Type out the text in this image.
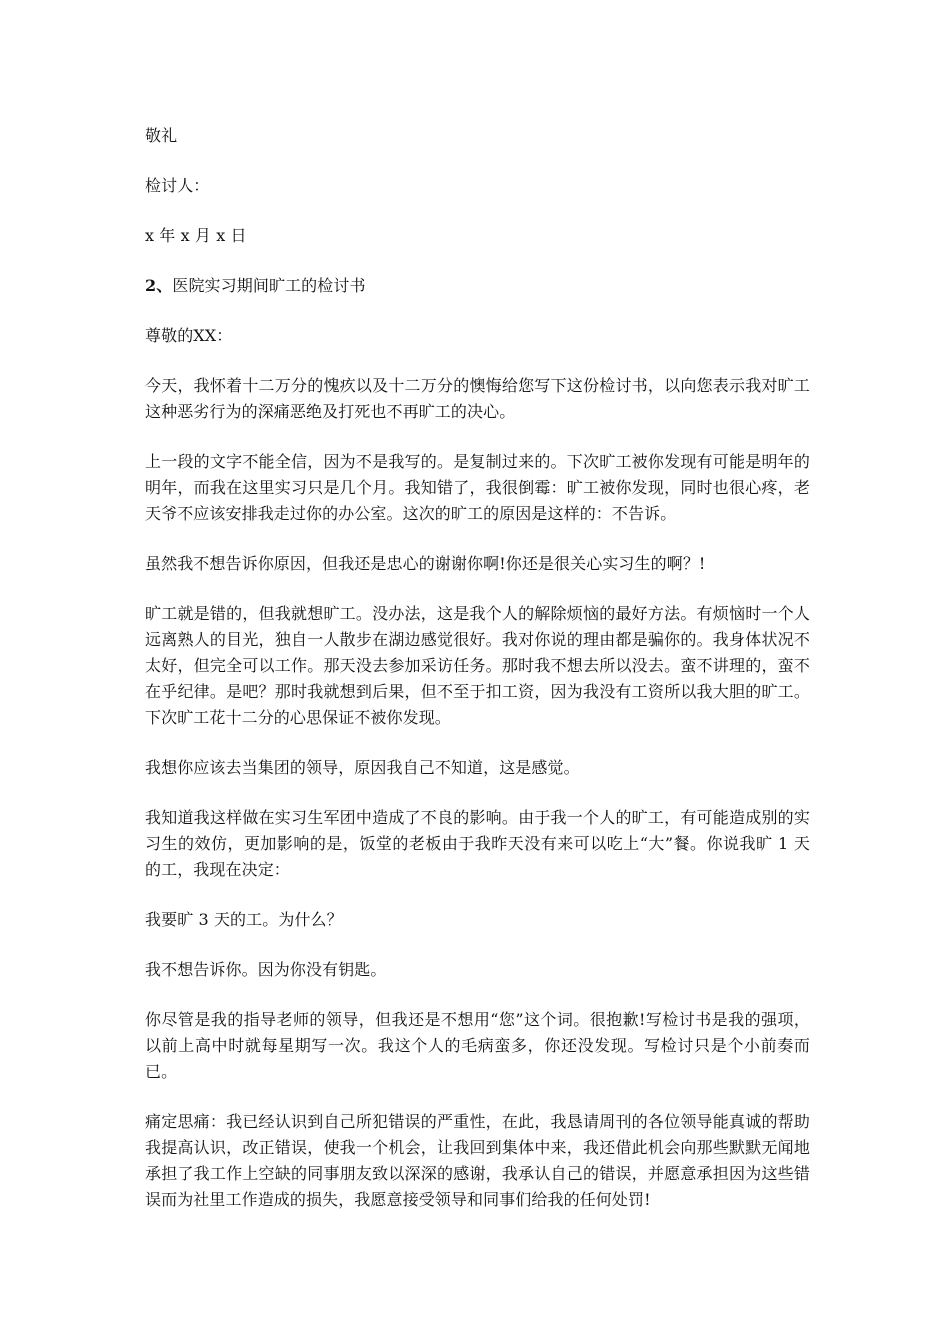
敬礼

检讨人：

x 年 x 月 x 日

2、医院实习期间旷工的检讨书

尊敬的XX：

今天，我怀着十二万分的愧疚以及十二万分的懊悔给您写下这份检讨书，以向您表示我对旷工这种恶劣行为的深痛恶绝及打死也不再旷工的决心。

上一段的文字不能全信，因为不是我写的。是复制过来的。下次旷工被你发现有可能是明年的明年，而我在这里实习只是几个月。我知错了，我很倒霉：旷工被你发现，同时也很心疼，老天爷不应该安排我走过你的办公室。这次的旷工的原因是这样的：不告诉。

虽然我不想告诉你原因，但我还是忠心的谢谢你啊!你还是很关心实习生的啊？!

旷工就是错的，但我就想旷工。没办法，这是我个人的解除烦恼的最好方法。有烦恼时一个人远离熟人的目光，独自一人散步在湖边感觉很好。我对你说的理由都是骗你的。我身体状况不太好，但完全可以工作。那天没去参加采访任务。那时我不想去所以没去。蛮不讲理的，蛮不在乎纪律。是吧？那时我就想到后果，但不至于扣工资，因为我没有工资所以我大胆的旷工。下次旷工花十二分的心思保证不被你发现。

我想你应该去当集团的领导，原因我自己不知道，这是感觉。

我知道我这样做在实习生军团中造成了不良的影响。由于我一个人的旷工，有可能造成别的实习生的效仿，更加影响的是，饭堂的老板由于我昨天没有来可以吃上“大”餐。你说我旷 1 天的工，我现在决定：

我要旷 3 天的工。为什么？

我不想告诉你。因为你没有钥匙。

你尽管是我的指导老师的领导，但我还是不想用“您”这个词。很抱歉!写检讨书是我的强项，以前上高中时就每星期写一次。我这个人的毛病蛮多，你还没发现。写检讨只是个小前奏而已。

痛定思痛：我已经认识到自己所犯错误的严重性，在此，我恳请周刊的各位领导能真诚的帮助我提高认识，改正错误，使我一个机会，让我回到集体中来，我还借此机会向那些默默无闻地承担了我工作上空缺的同事朋友致以深深的感谢，我承认自己的错误，并愿意承担因为这些错误而为社里工作造成的损失，我愿意接受领导和同事们给我的任何处罚!
